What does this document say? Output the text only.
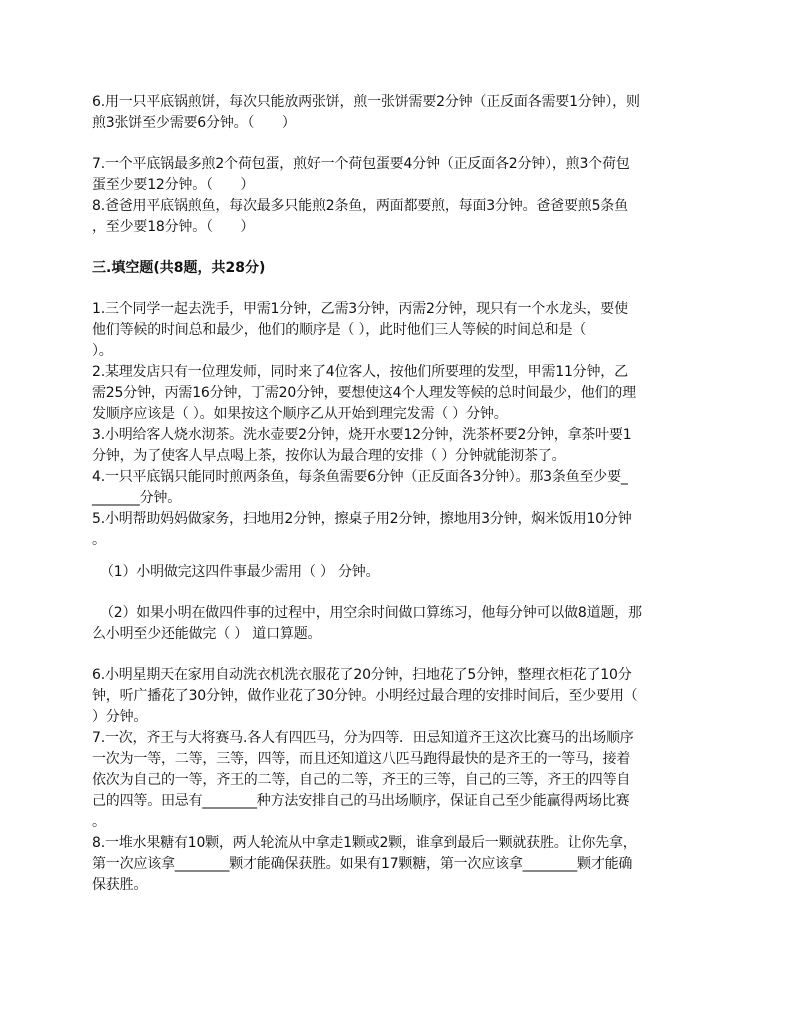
6.用一只平底锅煎饼，每次只能放两张饼，煎一张饼需要2分钟（正反面各需要1分钟），则
煎3张饼至少需要6分钟。（　　）
7.一个平底锅最多煎2个荷包蛋，煎好一个荷包蛋要4分钟（正反面各2分钟），煎3个荷包
蛋至少要12分钟。（　　）
8.爸爸用平底锅煎鱼，每次最多只能煎2条鱼，两面都要煎，每面3分钟。爸爸要煎5条鱼
，至少要18分钟。（　　）
三.填空题(共8题，共28分)
1.三个同学一起去洗手，甲需1分钟，乙需3分钟，丙需2分钟，现只有一个水龙头，要使
他们等候的时间总和最少，他们的顺序是（ ），此时他们三人等候的时间总和是（
）。
2.某理发店只有一位理发师，同时来了4位客人，按他们所要理的发型，甲需11分钟，乙
需25分钟，丙需16分钟，丁需20分钟，要想使这4个人理发等候的总时间最少，他们的理
发顺序应该是（ ）。如果按这个顺序乙从开始到理完发需（ ）分钟。
3.小明给客人烧水沏茶。洗水壶要2分钟，烧开水要12分钟，洗茶杯要2分钟，拿茶叶要1
分钟，为了使客人早点喝上茶，按你认为最合理的安排（ ）分钟就能沏茶了。
4.一只平底锅只能同时煎两条鱼，每条鱼需要6分钟（正反面各3分钟）。那3条鱼至少要_
_______分钟。
5.小明帮助妈妈做家务，扫地用2分钟，擦桌子用2分钟，擦地用3分钟，焖米饭用10分钟
。
（1）小明做完这四件事最少需用（ ） 分钟。
（2）如果小明在做四件事的过程中，用空余时间做口算练习，他每分钟可以做8道题，那
么小明至少还能做完（ ） 道口算题。
6.小明星期天在家用自动洗衣机洗衣服花了20分钟，扫地花了5分钟，整理衣柜花了10分
钟，听广播花了30分钟，做作业花了30分钟。小明经过最合理的安排时间后，至少要用（
）分钟。
7.一次，齐王与大将赛马.各人有四匹马，分为四等．田忌知道齐王这次比赛马的出场顺序
一次为一等，二等，三等，四等，而且还知道这八匹马跑得最快的是齐王的一等马，接着
依次为自己的一等，齐王的二等，自己的二等，齐王的三等，自己的三等，齐王的四等自
己的四等。田忌有________种方法安排自己的马出场顺序，保证自己至少能赢得两场比赛
。
8.一堆水果糖有10颗，两人轮流从中拿走1颗或2颗，谁拿到最后一颗就获胜。让你先拿，
第一次应该拿________颗才能确保获胜。如果有17颗糖，第一次应该拿________颗才能确
保获胜。
